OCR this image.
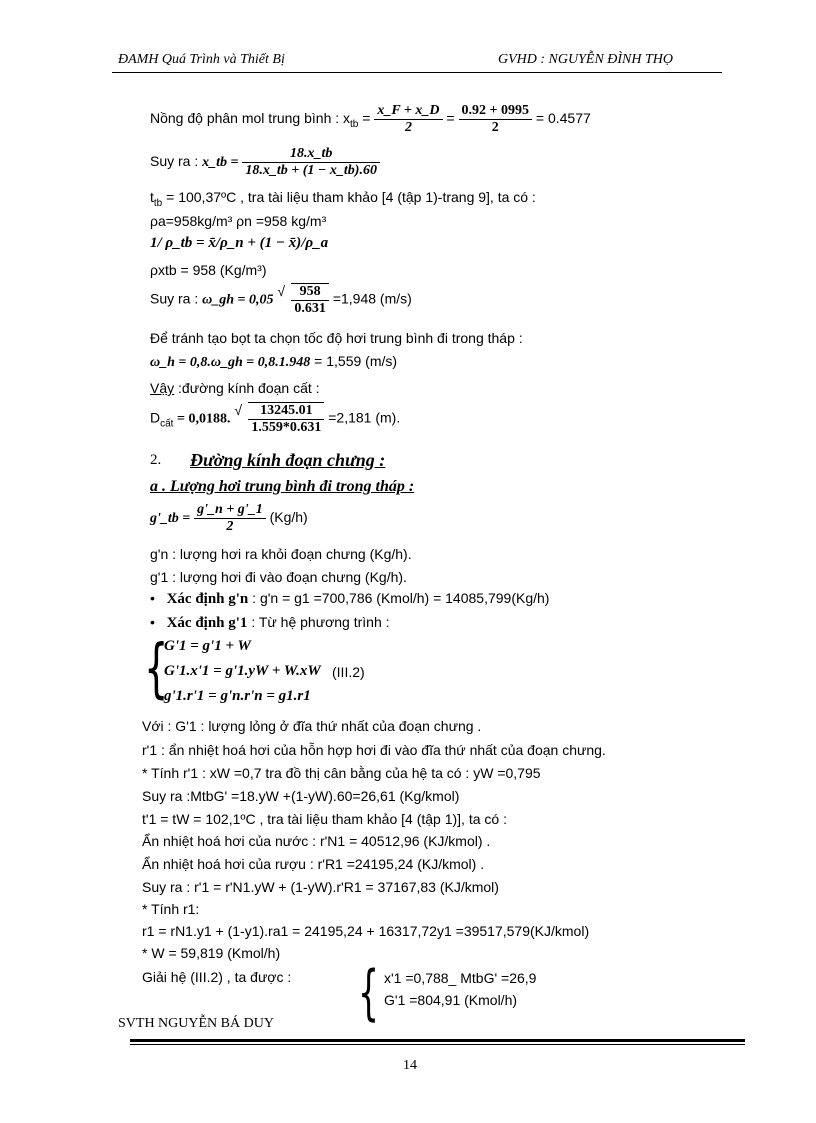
ĐAMH Quá Trình và Thiết Bị	GVHD : NGUYỄN ĐÌNH THỌ
Nồng độ phân mol trung bình : $x_{tb} = \frac{x\_F + x\_D}{2} = \frac{0.92 + 0995}{2} = 0.4577$
Suy ra : x_tb = $\frac{18.x\_tb}{18.x\_tb + (1 - x\_tb).60}$
$t_{tb}$ = 100,37ºC , tra tài liệu tham khảo [4 (tập 1)-trang 9], ta có :
ρa=958kg/m³ ρn =958 kg/m³
1/ ρ_tb = x̄/ρ_n + (1 − x̄)/ρ_a
ρxtb = 958 (Kg/m³)
Suy ra : ω_gh = 0,05
√ $\frac{958}{0.631} =1,948$ (m/s)
Để tránh tạo bọt ta chọn tốc độ hơi trung bình đi trong tháp :
ω_h = 0,8.ω_gh = 0,8.1.948 = 1,559 (m/s)
Vậy :đường kính đoạn cất :
$D_{cất} = 0,0188$.
√ $\frac{13245.01}{1.559*0.631} =2,181$ (m).
2. Đường kính đoạn chưng :
a . Lượng hơi trung bình đi trong tháp :
g'_tb = $\frac{g'\_n + g'\_1}{2} (Kg/h)$
g'n : lượng hơi ra khỏi đoạn chưng (Kg/h).
g'1 : lượng hơi đi vào đoạn chưng (Kg/h).
• Xác định g'n : g'n = g1 =700,786 (Kmol/h) = 14085,799(Kg/h)
• Xác định g'1 : Từ hệ phương trình :
{
G'1 = g'1 + W
G'1.x'1 = g'1.yW + W.xW (III.2)
g'1.r'1 = g'n.r'n = g1.r1
Với : G'1 : lượng lỏng ở đĩa thứ nhất của đoạn chưng .
r'1 : ẩn nhiệt hoá hơi của hỗn hợp hơi đi vào đĩa thứ nhất của đoạn chưng.
* Tính r'1 : xW =0,7 tra đồ thị cân bằng của hệ ta có : yW =0,795
Suy ra :MtbG' =18.yW +(1-yW).60=26,61 (Kg/kmol)
t'1 = tW = 102,1ºC , tra tài liệu tham khảo [4 (tập 1)], ta có :
Ẩn nhiệt hoá hơi của nước : r'N1 = 40512,96 (KJ/kmol) .
Ẩn nhiệt hoá hơi của rượu : r'R1 =24195,24 (KJ/kmol) .
Suy ra : r'1 = r'N1.yW + (1-yW).r'R1 = 37167,83 (KJ/kmol)
* Tính r1:
r1 = rN1.y1 + (1-y1).ra1 = 24195,24 + 16317,72y1 =39517,579(KJ/kmol)
* W = 59,819 (Kmol/h)
Giải hệ (III.2) , ta được : { x'1 =0,788_ MtbG' =26,9
G'1 =804,91 (Kmol/h)
SVTH NGUYỄN BÁ DUY
14
